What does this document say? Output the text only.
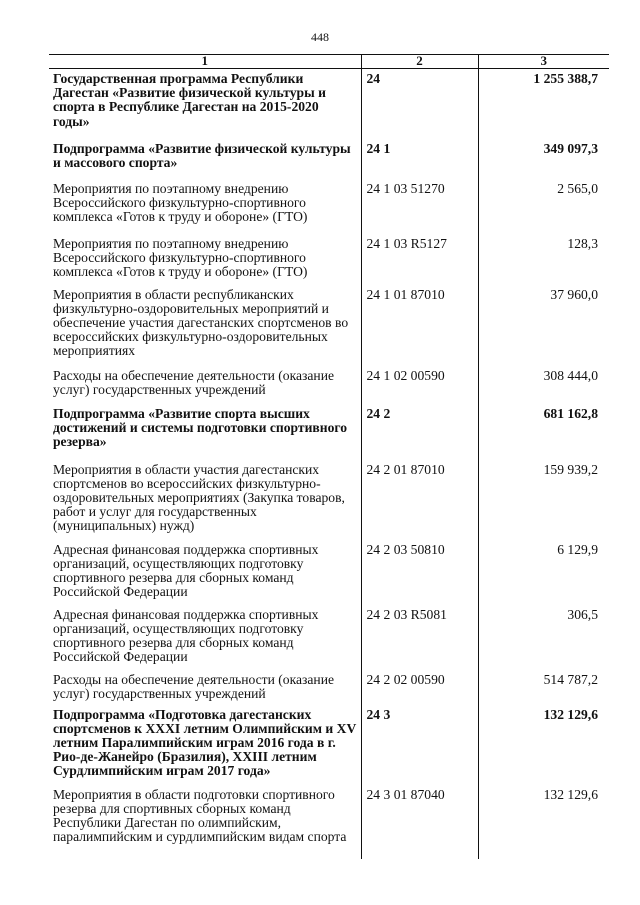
448
1	2	3
Государственная программа Республики Дагестан «Развитие физической культуры и спорта в Республике Дагестан на 2015-2020 годы»	24	1 255 388,7
Подпрограмма «Развитие физической культуры и массового спорта»	24 1	349 097,3
Мероприятия по поэтапному внедрению Всероссийского физкультурно-спортивного комплекса «Готов к труду и обороне» (ГТО)	24 1 03 51270	2 565,0
Мероприятия по поэтапному внедрению Всероссийского физкультурно-спортивного комплекса «Готов к труду и обороне» (ГТО)	24 1 03 R5127	128,3
Мероприятия в области республиканских физкультурно-оздоровительных мероприятий и обеспечение участия дагестанских спортсменов во всероссийских физкультурно-оздоровительных мероприятиях	24 1 01 87010	37 960,0
Расходы на обеспечение деятельности (оказание услуг) государственных учреждений	24 1 02 00590	308 444,0
Подпрограмма «Развитие спорта высших достижений и системы подготовки спортивного резерва»	24 2	681 162,8
Мероприятия в области участия дагестанских спортсменов во всероссийских физкультурно-оздоровительных мероприятиях (Закупка товаров, работ и услуг для государственных (муниципальных) нужд)	24 2 01 87010	159 939,2
Адресная финансовая поддержка спортивных организаций, осуществляющих подготовку спортивного резерва для сборных команд Российской Федерации	24 2 03 50810	6 129,9
Адресная финансовая поддержка спортивных организаций, осуществляющих подготовку спортивного резерва для сборных команд Российской Федерации	24 2 03 R5081	306,5
Расходы на обеспечение деятельности (оказание услуг) государственных учреждений	24 2 02 00590	514 787,2
Подпрограмма «Подготовка дагестанских спортсменов к XXXI летним Олимпийским и XV летним Паралимпийским играм 2016 года в г. Рио-де-Жанейро (Бразилия), XXIII летним Сурдлимпийским играм 2017 года»	24 3	132 129,6
Мероприятия в области подготовки спортивного резерва для спортивных сборных команд Республики Дагестан по олимпийским, паралимпийским и сурдлимпийским видам спорта	24 3 01 87040	132 129,6
